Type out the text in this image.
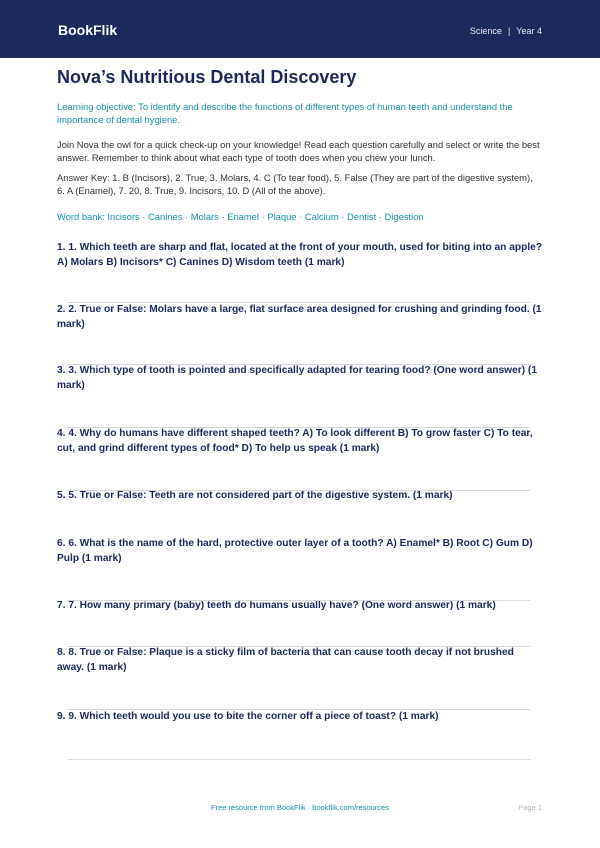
BookFlik	Science | Year 4
Nova’s Nutritious Dental Discovery
Learning objective: To identify and describe the functions of different types of human teeth and understand the importance of dental hygiene.
Join Nova the owl for a quick check-up on your knowledge! Read each question carefully and select or write the best answer. Remember to think about what each type of tooth does when you chew your lunch.
Answer Key: 1. B (Incisors), 2. True, 3. Molars, 4. C (To tear food), 5. False (They are part of the digestive system), 6. A (Enamel), 7. 20, 8. True, 9. Incisors, 10. D (All of the above).
Word bank: Incisors · Canines · Molars · Enamel · Plaque · Calcium · Dentist · Digestion
1. 1. Which teeth are sharp and flat, located at the front of your mouth, used for biting into an apple? A) Molars B) Incisors* C) Canines D) Wisdom teeth (1 mark)
2. 2. True or False: Molars have a large, flat surface area designed for crushing and grinding food. (1 mark)
3. 3. Which type of tooth is pointed and specifically adapted for tearing food? (One word answer) (1 mark)
4. 4. Why do humans have different shaped teeth? A) To look different B) To grow faster C) To tear, cut, and grind different types of food* D) To help us speak (1 mark)
5. 5. True or False: Teeth are not considered part of the digestive system. (1 mark)
6. 6. What is the name of the hard, protective outer layer of a tooth? A) Enamel* B) Root C) Gum D) Pulp (1 mark)
7. 7. How many primary (baby) teeth do humans usually have? (One word answer) (1 mark)
8. 8. True or False: Plaque is a sticky film of bacteria that can cause tooth decay if not brushed away. (1 mark)
9. 9. Which teeth would you use to bite the corner off a piece of toast? (1 mark)
Free resource from BookFlik · bookflik.com/resources	Page 1
